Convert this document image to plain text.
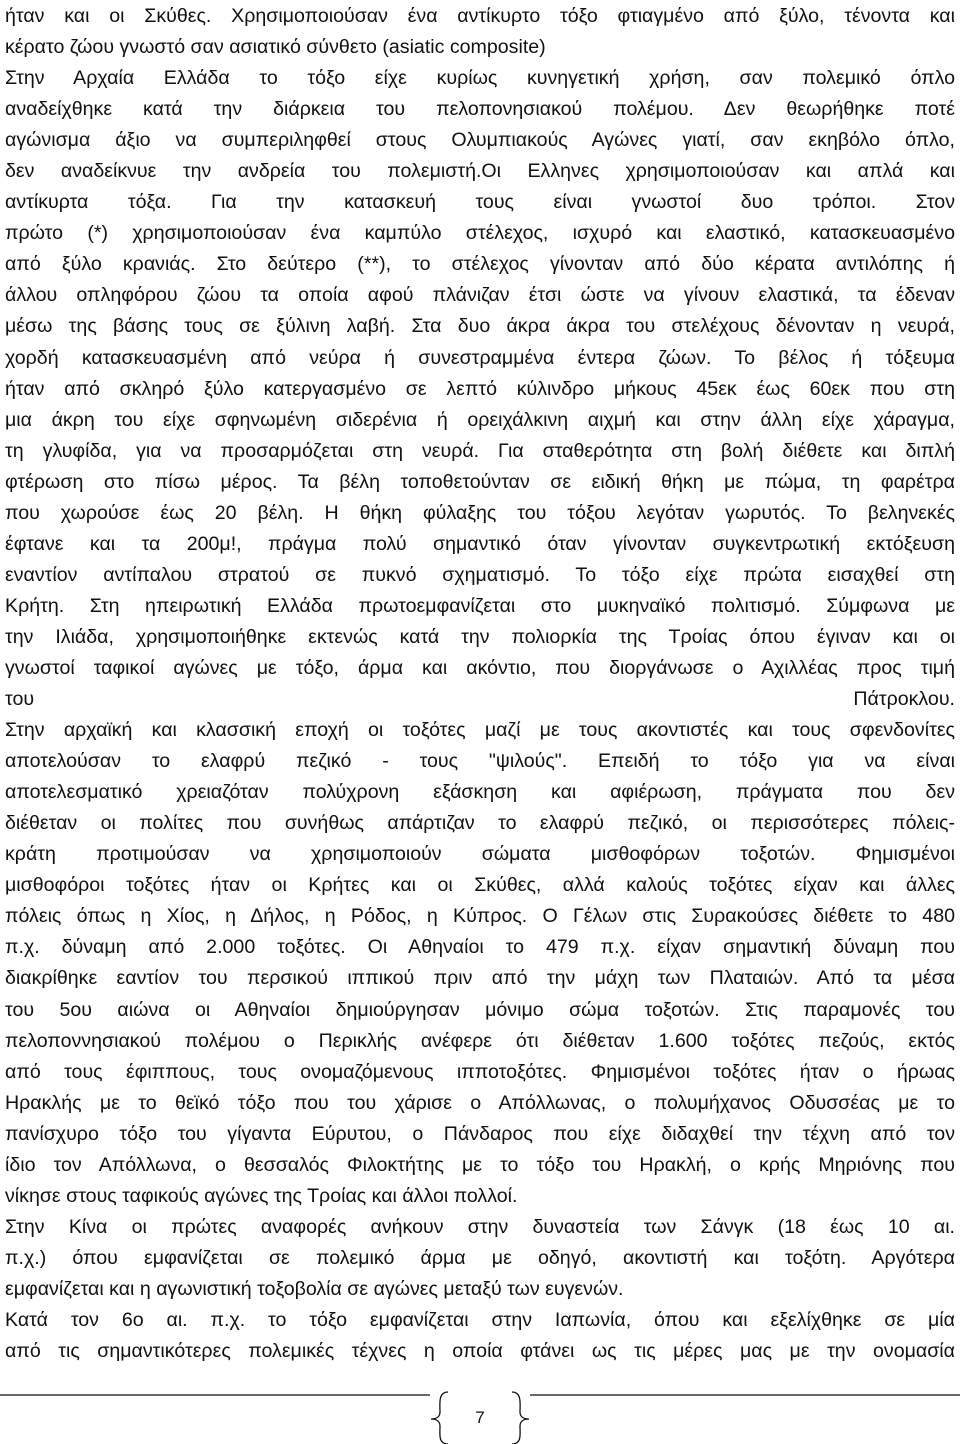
ήταν και οι Σκύθες. Χρησιμοποιούσαν ένα αντίκυρτο τόξο φτιαγμένο από ξύλο, τένοντα και
κέρατο ζώου γνωστό σαν ασιατικό σύνθετο (asiatic composite)
Στην Αρχαία Ελλάδα το τόξο είχε κυρίως κυνηγετική χρήση, σαν πολεμικό όπλο
αναδείχθηκε κατά την διάρκεια του πελοπονησιακού πολέμου. Δεν θεωρήθηκε ποτέ
αγώνισμα άξιο να συμπεριληφθεί στους Ολυμπιακούς Αγώνες γιατί, σαν εκηβόλο όπλο,
δεν αναδείκνυε την ανδρεία του πολεμιστή.Οι Ελληνες χρησιμοποιούσαν και απλά και
αντίκυρτα τόξα. Για την κατασκευή τους είναι γνωστοί δυο τρόποι. Στον
πρώτο (*) χρησιμοποιούσαν ένα καμπύλο στέλεχος, ισχυρό και ελαστικό, κατασκευασμένο
από ξύλο κρανιάς. Στο δεύτερο (**), το στέλεχος γίνονταν από δύο κέρατα αντιλόπης ή
άλλου οπληφόρου ζώου τα οποία αφού πλάνιζαν έτσι ώστε να γίνουν ελαστικά, τα έδεναν
μέσω της βάσης τους σε ξύλινη λαβή. Στα δυο άκρα άκρα του στελέχους δένονταν η νευρά,
χορδή κατασκευασμένη από νεύρα ή συνεστραμμένα έντερα ζώων. Το βέλος ή τόξευμα
ήταν από σκληρό ξύλο κατεργασμένο σε λεπτό κύλινδρο μήκους 45εκ έως 60εκ που στη
μια άκρη του είχε σφηνωμένη σιδερένια ή ορειχάλκινη αιχμή και στην άλλη είχε χάραγμα,
τη γλυφίδα, για να προσαρμόζεται στη νευρά. Για σταθερότητα στη βολή διέθετε και διπλή
φτέρωση στο πίσω μέρος. Τα βέλη τοποθετούνταν σε ειδική θήκη με πώμα, τη φαρέτρα
που χωρούσε έως 20 βέλη. Η θήκη φύλαξης του τόξου λεγόταν γωρυτός. Το βεληνεκές
έφτανε και τα 200μ!, πράγμα πολύ σημαντικό όταν γίνονταν συγκεντρωτική εκτόξευση
εναντίον αντίπαλου στρατού σε πυκνό σχηματισμό. Το τόξο είχε πρώτα εισαχθεί στη
Κρήτη. Στη ηπειρωτική Ελλάδα πρωτοεμφανίζεται στο μυκηναϊκό πολιτισμό. Σύμφωνα με
την Ιλιάδα, χρησιμοποιήθηκε εκτενώς κατά την πολιορκία της Τροίας όπου έγιναν και οι
γνωστοί ταφικοί αγώνες με τόξο, άρμα και ακόντιο, που διοργάνωσε ο Αχιλλέας προς τιμή
του Πάτροκλου.
Στην αρχαϊκή και κλασσική εποχή οι τοξότες μαζί με τους ακοντιστές και τους σφενδονίτες
αποτελούσαν το ελαφρύ πεζικό - τους "ψιλούς". Επειδή το τόξο για να είναι
αποτελεσματικό χρειαζόταν πολύχρονη εξάσκηση και αφιέρωση, πράγματα που δεν
διέθεταν οι πολίτες που συνήθως απάρτιζαν το ελαφρύ πεζικό, οι περισσότερες πόλεις-
κράτη προτιμούσαν να χρησιμοποιούν σώματα μισθοφόρων τοξοτών. Φημισμένοι
μισθοφόροι τοξότες ήταν οι Κρήτες και οι Σκύθες, αλλά καλούς τοξότες είχαν και άλλες
πόλεις όπως η Χίος, η Δήλος, η Ρόδος, η Κύπρος. Ο Γέλων στις Συρακούσες διέθετε το 480
π.χ. δύναμη από 2.000 τοξότες. Οι Αθηναίοι το 479 π.χ. είχαν σημαντική δύναμη που
διακρίθηκε εαντίον του περσικού ιππικού πριν από την μάχη των Πλαταιών. Από τα μέσα
του 5ου αιώνα οι Αθηναίοι δημιούργησαν μόνιμο σώμα τοξοτών. Στις παραμονές του
πελοποννησιακού πολέμου ο Περικλής ανέφερε ότι διέθεταν 1.600 τοξότες πεζούς, εκτός
από τους έφιππους, τους ονομαζόμενους ιπποτοξότες. Φημισμένοι τοξότες ήταν ο ήρωας
Ηρακλής με το θεϊκό τόξο που του χάρισε ο Απόλλωνας, ο πολυμήχανος Οδυσσέας με το
πανίσχυρο τόξο του γίγαντα Εύρυτου, ο Πάνδαρος που είχε διδαχθεί την τέχνη από τον
ίδιο τον Απόλλωνα, ο θεσσαλός Φιλοκτήτης με το τόξο του Ηρακλή, ο κρής Μηριόνης που
νίκησε στους ταφικούς αγώνες της Τροίας και άλλοι πολλοί.
Στην Κίνα οι πρώτες αναφορές ανήκουν στην δυναστεία των Σάνγκ (18 έως 10 αι.
π.χ.) όπου εμφανίζεται σε πολεμικό άρμα με οδηγό, ακοντιστή και τοξότη. Αργότερα
εμφανίζεται και η αγωνιστική τοξοβολία σε αγώνες μεταξύ των ευγενών.
Κατά τον 6ο αι. π.χ. το τόξο εμφανίζεται στην Ιαπωνία, όπου και εξελίχθηκε σε μία
από τις σημαντικότερες πολεμικές τέχνες η οποία φτάνει ως τις μέρες μας με την ονομασία
7
